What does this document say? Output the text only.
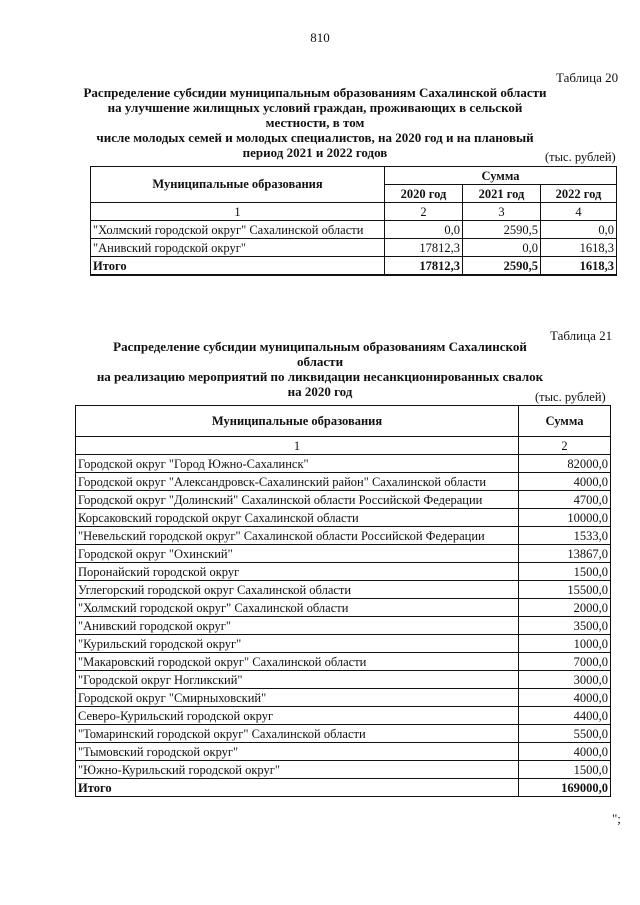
810
Таблица 20
Распределение субсидии муниципальным образованиям Сахалинской области
на улучшение жилищных условий граждан, проживающих в сельской местности, в том
числе молодых семей и молодых специалистов, на 2020 год и на плановый
период 2021 и 2022 годов	(тыс. рублей)
Муниципальные образования	Сумма		
	2020 год	2021 год	2022 год
1	2	3	4
"Холмский городской округ" Сахалинской области	0,0	2590,5	0,0
"Анивский городской округ"	17812,3	0,0	1618,3
Итого	17812,3	2590,5	1618,3
Таблица 21
Распределение субсидии муниципальным образованиям Сахалинской области
на реализацию мероприятий по ликвидации несанкционированных свалок
на 2020 год	(тыс. рублей)
Муниципальные образования	Сумма
1	2
Городской округ "Город Южно-Сахалинск"	82000,0
Городской округ "Александровск-Сахалинский район" Сахалинской области	4000,0
Городской округ "Долинский" Сахалинской области Российской Федерации	4700,0
Корсаковский городской округ Сахалинской области	10000,0
"Невельский городской округ" Сахалинской области Российской Федерации	1533,0
Городской округ "Охинский"	13867,0
Поронайский городской округ	1500,0
Углегорский городской округ Сахалинской области	15500,0
"Холмский городской округ" Сахалинской области	2000,0
"Анивский городской округ"	3500,0
"Курильский городской округ"	1000,0
"Макаровский городской округ" Сахалинской области	7000,0
"Городской округ Ногликский"	3000,0
Городской округ "Смирныховский"	4000,0
Северо-Курильский городской округ	4400,0
"Томаринский городской округ" Сахалинской области	5500,0
"Тымовский городской округ"	4000,0
"Южно-Курильский городской округ"	1500,0
Итого	169000,0
";
